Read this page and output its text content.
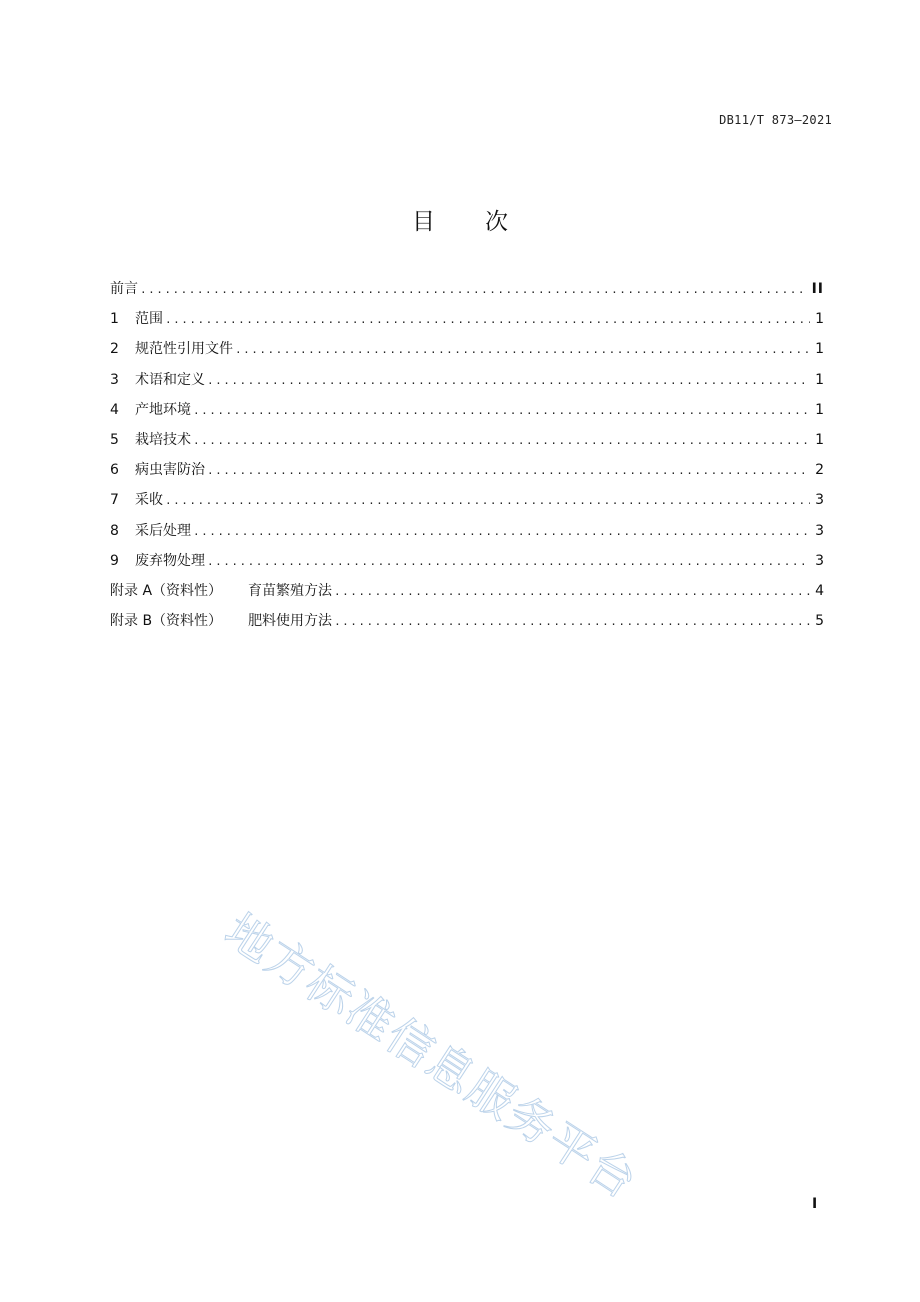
DB11/T 873—2021
目 次
前言 .....	II
1	范围 .....	1
2	规范性引用文件 .....	1
3	术语和定义 .....	1
4	产地环境 .....	1
5	栽培技术 .....	1
6	病虫害防治 .....	2
7	采收 .....	3
8	采后处理 .....	3
9	废弃物处理 .....	3
附录 A（资料性） 育苗繁殖方法 .....	4
附录 B（资料性） 肥料使用方法 .....	5
地方标准信息服务平台	I
